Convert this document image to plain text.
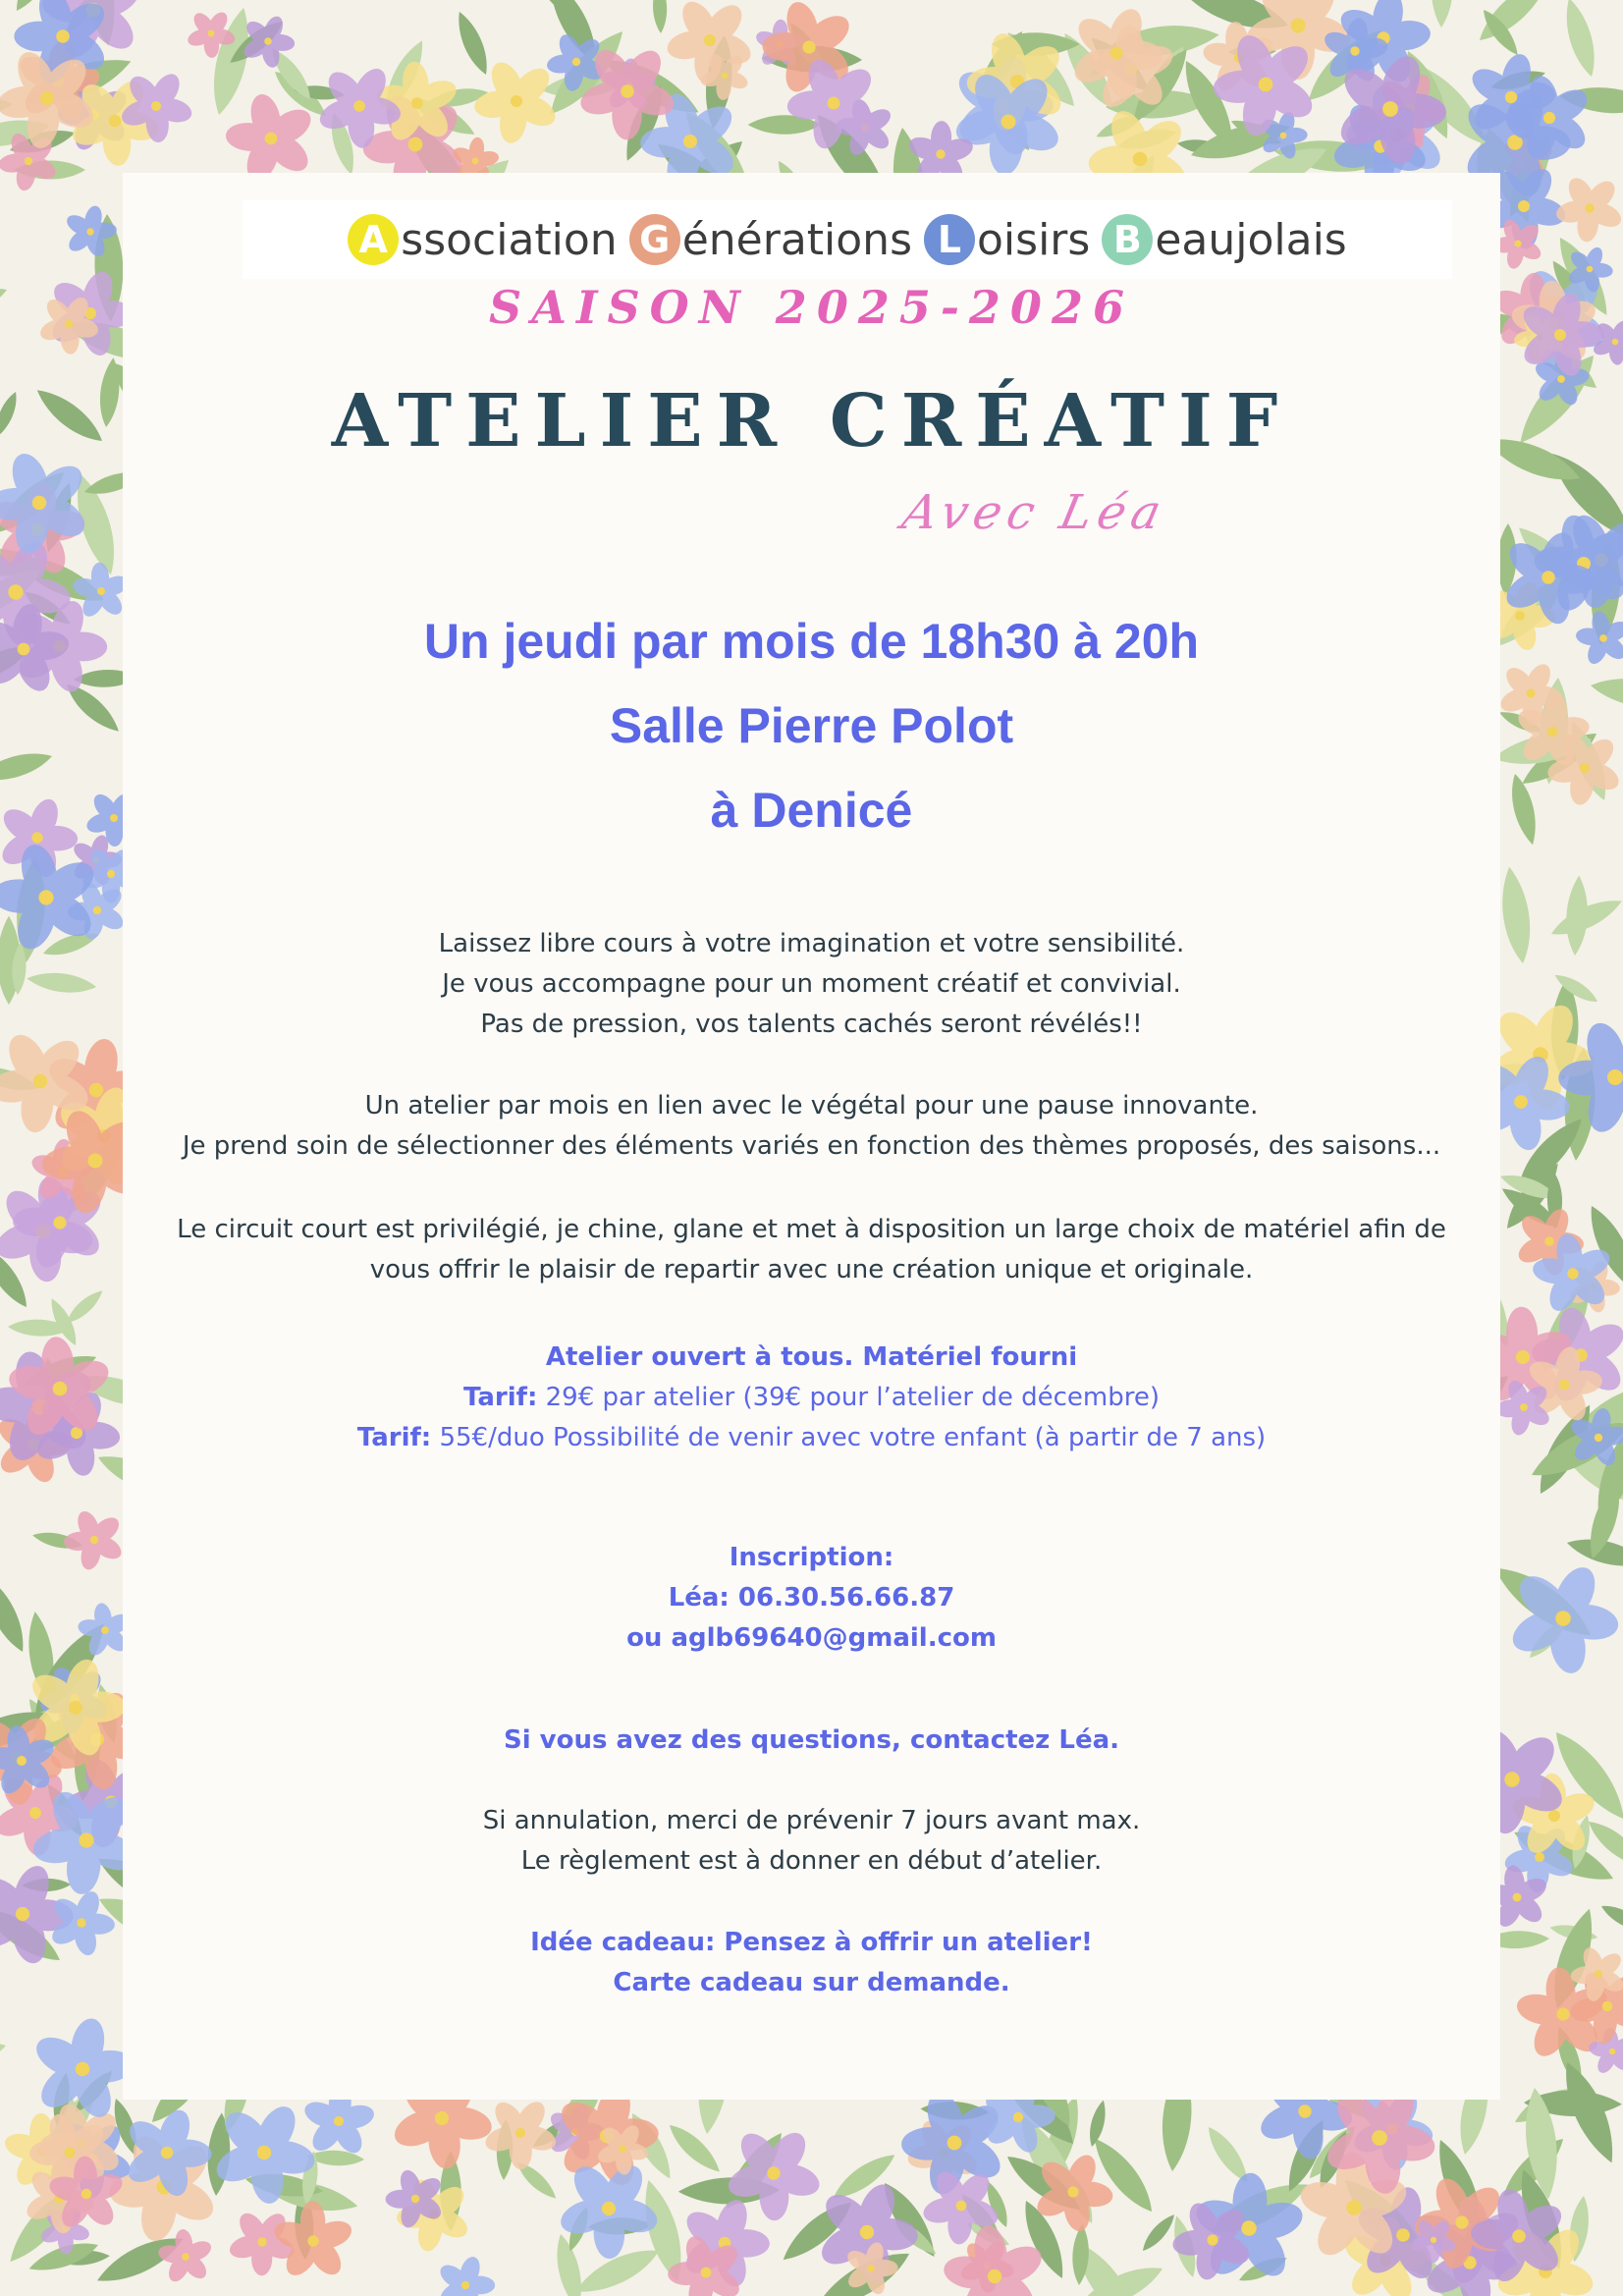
A ssociation G énérations L oisirs B eaujolais
SAISON 2025-2026
ATELIER CRÉATIF
Avec Léa
Un jeudi par mois de 18h30 à 20h
Salle Pierre Polot
à Denicé
Laissez libre cours à votre imagination et votre sensibilité.
Je vous accompagne pour un moment créatif et convivial.
Pas de pression, vos talents cachés seront révélés!!
Un atelier par mois en lien avec le végétal pour une pause innovante.
Je prend soin de sélectionner des éléments variés en fonction des thèmes proposés, des saisons...
Le circuit court est privilégié, je chine, glane et met à disposition un large choix de matériel afin de
vous offrir le plaisir de repartir avec une création unique et originale.
Atelier ouvert à tous. Matériel fourni
Tarif: 29€ par atelier (39€ pour l’atelier de décembre)
Tarif: 55€/duo Possibilité de venir avec votre enfant (à partir de 7 ans)
Inscription:
Léa: 06.30.56.66.87
ou aglb69640@gmail.com
Si vous avez des questions, contactez Léa.
Si annulation, merci de prévenir 7 jours avant max.
Le règlement est à donner en début d’atelier.
Idée cadeau: Pensez à offrir un atelier!
Carte cadeau sur demande.
